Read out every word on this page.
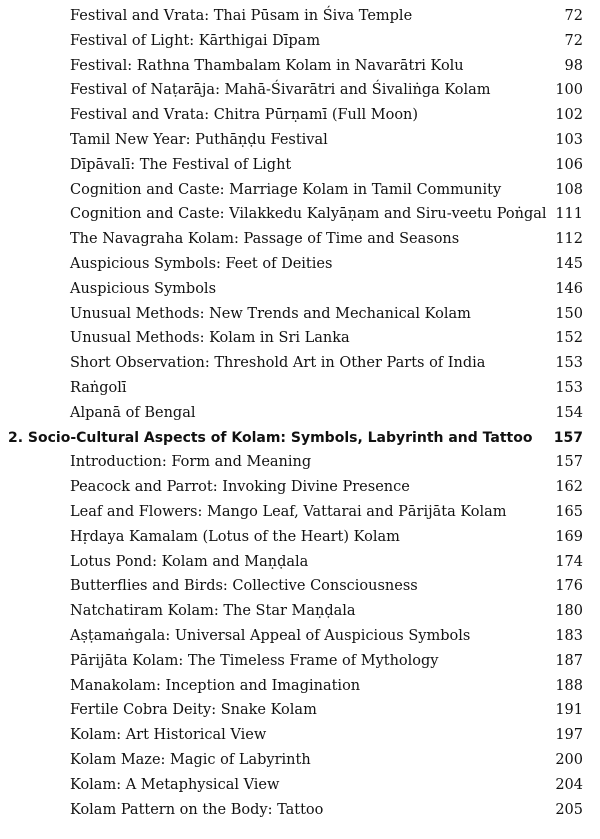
Festival and Vrata: Thai Pūsam in Śiva Temple	72
Festival of Light: Kārthigai Dīpam	72
Festival: Rathna Thambalam Kolam in Navarātri Kolu	98
Festival of Naṭarāja: Mahā-Śivarātri and Śivaliṅga Kolam	100
Festival and Vrata: Chitra Pūrṇamī (Full Moon)	102
Tamil New Year: Puthāṇḍu Festival	103
Dīpāvalī: The Festival of Light	106
Cognition and Caste: Marriage Kolam in Tamil Community	108
Cognition and Caste: Vilakkedu Kalyāṇam and Siru-veetu Poṅgal 111
The Navagraha Kolam: Passage of Time and Seasons	112
Auspicious Symbols: Feet of Deities	145
Auspicious Symbols	146
Unusual Methods: New Trends and Mechanical Kolam	150
Unusual Methods: Kolam in Sri Lanka	152
Short Observation: Threshold Art in Other Parts of India	153
Raṅgolī	153
Alpanā of Bengal	154
2. Socio-Cultural Aspects of Kolam: Symbols, Labyrinth and Tattoo 157
Introduction: Form and Meaning	157
Peacock and Parrot: Invoking Divine Presence	162
Leaf and Flowers: Mango Leaf, Vattarai and Pārijāta Kolam	165
Hṛdaya Kamalam (Lotus of the Heart) Kolam	169
Lotus Pond: Kolam and Maṇḍala	174
Butterflies and Birds: Collective Consciousness	176
Natchatiram Kolam: The Star Maṇḍala	180
Aṣṭamaṅgala: Universal Appeal of Auspicious Symbols	183
Pārijāta Kolam: The Timeless Frame of Mythology	187
Manakolam: Inception and Imagination	188
Fertile Cobra Deity: Snake Kolam	191
Kolam: Art Historical View	197
Kolam Maze: Magic of Labyrinth	200
Kolam: A Metaphysical View	204
Kolam Pattern on the Body: Tattoo	205
